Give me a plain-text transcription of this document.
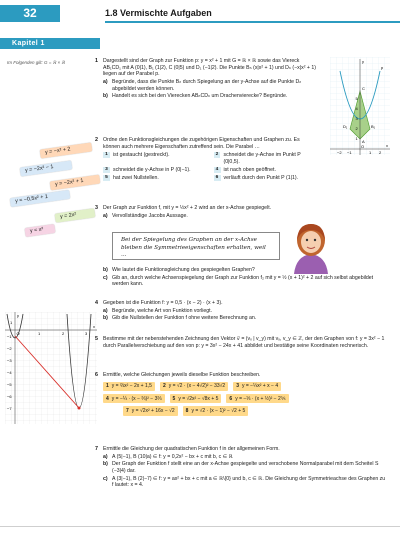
32	1.8 Vermischte Aufgaben
Kapitel 1
Im Folgenden gilt: G = ℝ × ℝ	1 Dargestellt sind der Graph zur Funktion p: y = x² + 1 mit G = ℝ × ℝ sowie das Viereck AB₁CD₁ mit A (0|1), B₁ (1|2), C (0|5) und D₁ (−1|2). Die Punkte Bₙ (x|x² + 1) und Dₙ (−x|x² + 1) liegen auf der Parabel p.

a) Begründe, dass die Punkte Bₙ durch Spiegelung an der y-Achse auf die Punkte Dₙ abgebildet werden können.
b) Handelt es sich bei den Vierecken ABₙCDₙ um Drachenvierecke? Begründe.
1
2
3
4
5
−2 −1	1 2
C
A
B₁
D₁
O	x
y
p
2 Ordne den Funktionsgleichungen die zugehörigen Eigenschaften und Graphen zu. Es können auch mehrere Eigenschaften zutreffend sein. Die Parabel …

1 ist gestaucht (gestreckt).	2 schneidet die y-Achse im Punkt P (0|0,5).
3 schneidet die y-Achse in P (0|−1).	4 ist nach oben geöffnet.
5 hat zwei Nullstellen.	6 verläuft durch den Punkt P (1|1).
y = −x² + 2
y = −2x² − 1
y = −2x² + 1
y = −0,5x² + 1
y = 2x²
y = x²
3 Der Graph zur Funktion f, mit y = ½x² + 2 wird an der x-Achse gespiegelt.

a) Vervollständige Jacobs Aussage.
Bei der Spiegelung des Graphen an der x-Achse bleiben die Symmetrieeigenschaften erhalten, weil …
b) Wie lautet die Funktionsgleichung des gespiegelten Graphen?
c) Gib an, durch welche Achsenspiegelung der Graph zur Funktion f₂ mit y = ½ (x + 1)² + 2 auf sich selbst abgebildet werden kann.
1
−1
−2
−3
−4
−5
−6
−7
1	2	3
O
x
y
4 Gegeben ist die Funktion f: y = 0,5 · (x − 2) · (x + 3).

a) Begründe, welche Art von Funktion vorliegt.
b) Gib die Nullstellen der Funktion f ohne weitere Berechnung an.
5 Bestimme mit der nebenstehenden Zeichnung den Vektor v⃗ = (vₓ | v_y) mit vₓ, v_y ∈ ℤ, der den Graphen von f: y = 3x² − 1 durch Parallelverschiebung auf den von p: y = 3x² − 24x + 41 abbildet und bestätige seine Koordinaten rechnerisch.

6 Ermittle, welche Gleichungen jeweils dieselbe Funktion beschreiben.

1 y = ⅔x² − 2x + 1,5	2 y = √2 · (x − 4√2)² − 33√2	3 y = −¼x² + x − 4
4 y = −¼ · (x − ⅔)² − 3⅔	5 y = √2x² − √8x + 5	6 y = −⅓ · (x + ½)² − 2⅚
7 y = √2x² + 16x − √2	8 y = √2 · (x − 1)² − √2 + 5
7 Ermittle die Gleichung der quadratischen Funktion f in der allgemeinen Form.

a) A (5|−1), B (10|a) ∈ f: y = 0,2x² − bx + c mit b, c ∈ ℝ
b) Der Graph der Funktion f stellt eine an der x-Achse gespiegelte und verschobene Normalparabel mit dem Scheitel S (−3|4) dar.
c) A (3|−1), B (2|−7) ∈ f: y = ax² + bx + c mit a ∈ ℝ\{0} und b, c ∈ ℝ. Die Gleichung der Symmetrieachse des Graphen zu f lautet: x = 4.
